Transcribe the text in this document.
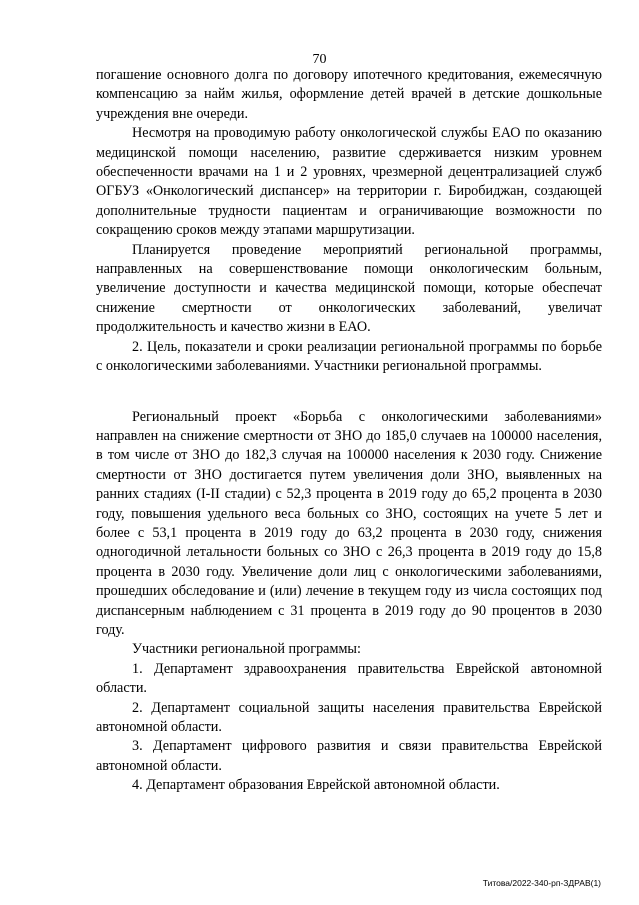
70

погашение основного долга по договору ипотечного кредитования, ежемесячную компенсацию за найм жилья, оформление детей врачей в детские дошкольные учреждения вне очереди.

Несмотря на проводимую работу онкологической службы ЕАО по оказанию медицинской помощи населению, развитие сдерживается низким уровнем обеспеченности врачами на 1 и 2 уровнях, чрезмерной децентрализацией служб ОГБУЗ «Онкологический диспансер» на территории г. Биробиджан, создающей дополнительные трудности пациентам и ограничивающие возможности по сокращению сроков между этапами маршрутизации.

Планируется проведение мероприятий региональной программы, направленных на совершенствование помощи онкологическим больным, увеличение доступности и качества медицинской помощи, которые обеспечат снижение смертности от онкологических заболеваний, увеличат продолжительность и качество жизни в ЕАО.

2. Цель, показатели и сроки реализации региональной программы по борьбе с онкологическими заболеваниями. Участники региональной программы.

Региональный проект «Борьба с онкологическими заболеваниями» направлен на снижение смертности от ЗНО до 185,0 случаев на 100000 населения, в том числе от ЗНО до 182,3 случая на 100000 населения к 2030 году. Снижение смертности от ЗНО достигается путем увеличения доли ЗНО, выявленных на ранних стадиях (I-II стадии) с 52,3 процента в 2019 году до 65,2 процента в 2030 году, повышения удельного веса больных со ЗНО, состоящих на учете 5 лет и более с 53,1 процента в 2019 году до 63,2 процента в 2030 году, снижения одногодичной летальности больных со ЗНО с 26,3 процента в 2019 году до 15,8 процента в 2030 году. Увеличение доли лиц с онкологическими заболеваниями, прошедших обследование и (или) лечение в текущем году из числа состоящих под диспансерным наблюдением с 31 процента в 2019 году до 90 процентов в 2030 году.

Участники региональной программы:

1. Департамент здравоохранения правительства Еврейской автономной области.

2. Департамент социальной защиты населения правительства Еврейской автономной области.

3. Департамент цифрового развития и связи правительства Еврейской автономной области.

4. Департамент образования Еврейской автономной области.

Титова/2022-340-рп-ЗДРАВ(1)
